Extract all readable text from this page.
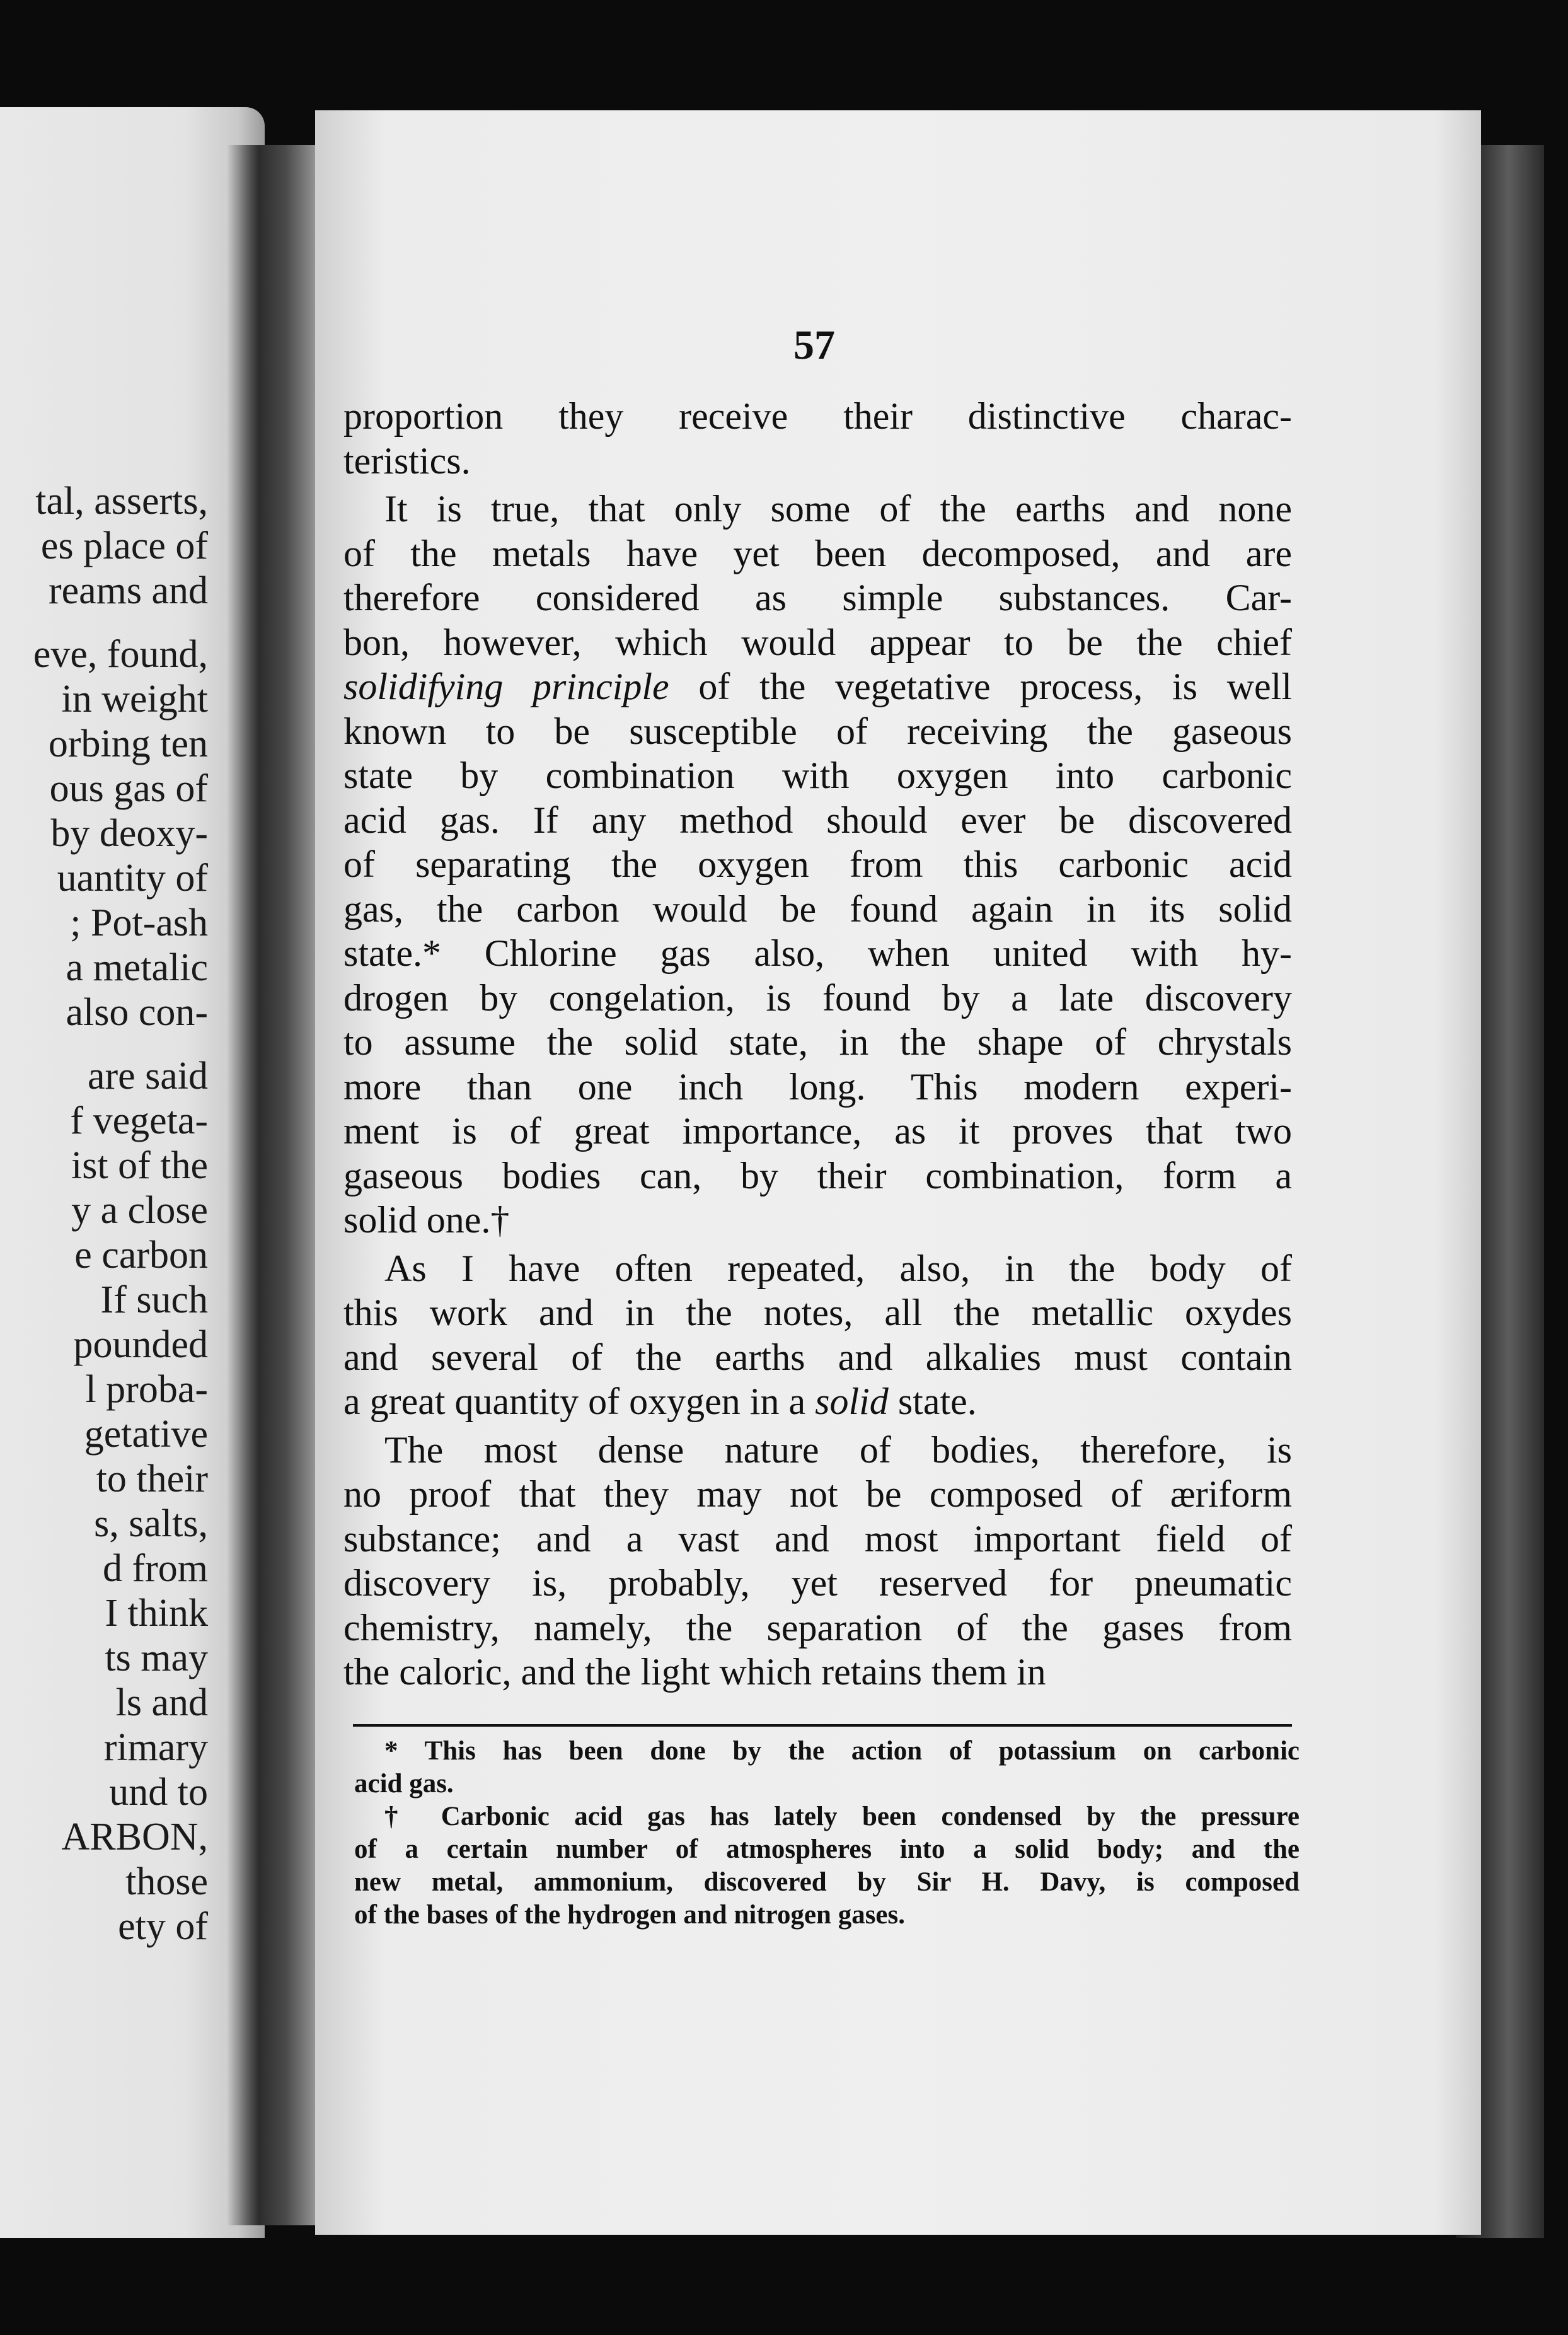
tal, asserts,
es place of
reams and
eve, found,
in weight
orbing ten
ous gas of
by deoxy-
uantity of
; Pot-ash
a metalic
also con-
are said
f vegeta-
ist of the
y a close
e carbon
If such
pounded
l proba-
getative
to their
s, salts,
d from
I think
ts may
ls and
rimary
und to
ARBON,
those
ety of
57
proportion they receive their distinctive charac-
teristics.
It is true, that only some of the earths and none
of the metals have yet been decomposed, and are
therefore considered as simple substances. Car-
bon, however, which would appear to be the chief
solidifying principle of the vegetative process, is well
known to be susceptible of receiving the gaseous
state by combination with oxygen into carbonic
acid gas. If any method should ever be discovered
of separating the oxygen from this carbonic acid
gas, the carbon would be found again in its solid
state.* Chlorine gas also, when united with hy-
drogen by congelation, is found by a late discovery
to assume the solid state, in the shape of chrystals
more than one inch long. This modern experi-
ment is of great importance, as it proves that two
gaseous bodies can, by their combination, form a
solid one.†
As I have often repeated, also, in the body of
this work and in the notes, all the metallic oxydes
and several of the earths and alkalies must contain
a great quantity of oxygen in a solid state.
The most dense nature of bodies, therefore, is
no proof that they may not be composed of æriform
substance; and a vast and most important field of
discovery is, probably, yet reserved for pneumatic
chemistry, namely, the separation of the gases from
the caloric, and the light which retains them in
* This has been done by the action of potassium on carbonic
acid gas.
† Carbonic acid gas has lately been condensed by the pressure
of a certain number of atmospheres into a solid body; and the
new metal, ammonium, discovered by Sir H. Davy, is composed
of the bases of the hydrogen and nitrogen gases.
